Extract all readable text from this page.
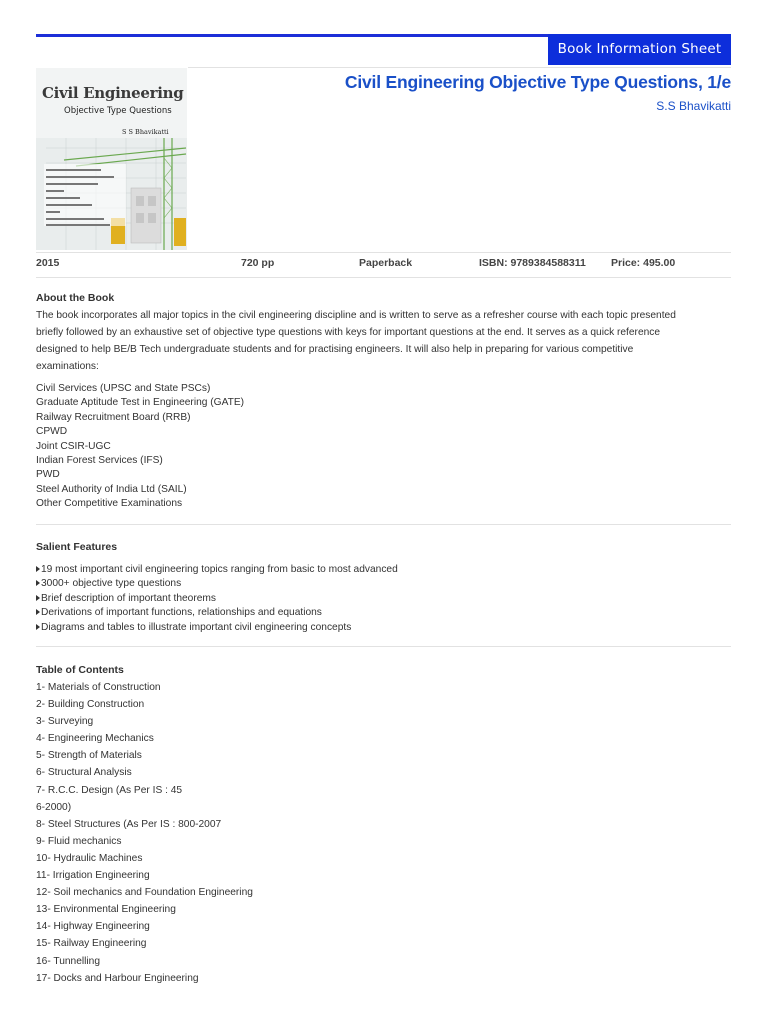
Book Information Sheet
Civil Engineering
Objective Type Questions
S S Bhavikatti
Civil Engineering Objective Type Questions, 1/e
S.S Bhavikatti
2015	720 pp	Paperback	ISBN: 9789384588311 Price: 495.00
About the Book
The book incorporates all major topics in the civil engineering discipline and is written to serve as a refresher course with each topic presented
briefly followed by an exhaustive set of objective type questions with keys for important questions at the end. It serves as a quick reference
designed to help BE/B Tech undergraduate students and for practising engineers. It will also help in preparing for various competitive
examinations:
Civil Services (UPSC and State PSCs)
Graduate Aptitude Test in Engineering (GATE)
Railway Recruitment Board (RRB)
CPWD
Joint CSIR-UGC
Indian Forest Services (IFS)
PWD
Steel Authority of India Ltd (SAIL)
Other Competitive Examinations
Salient Features
19 most important civil engineering topics ranging from basic to most advanced
3000+ objective type questions
Brief description of important theorems
Derivations of important functions, relationships and equations
Diagrams and tables to illustrate important civil engineering concepts
Table of Contents
1- Materials of Construction
2- Building Construction
3- Surveying
4- Engineering Mechanics
5- Strength of Materials
6- Structural Analysis
7- R.C.C. Design (As Per IS : 45
6-2000)
8- Steel Structures (As Per IS : 800-2007
9- Fluid mechanics
10- Hydraulic Machines
11- Irrigation Engineering
12- Soil mechanics and Foundation Engineering
13- Environmental Engineering
14- Highway Engineering
15- Railway Engineering
16- Tunnelling
17- Docks and Harbour Engineering
